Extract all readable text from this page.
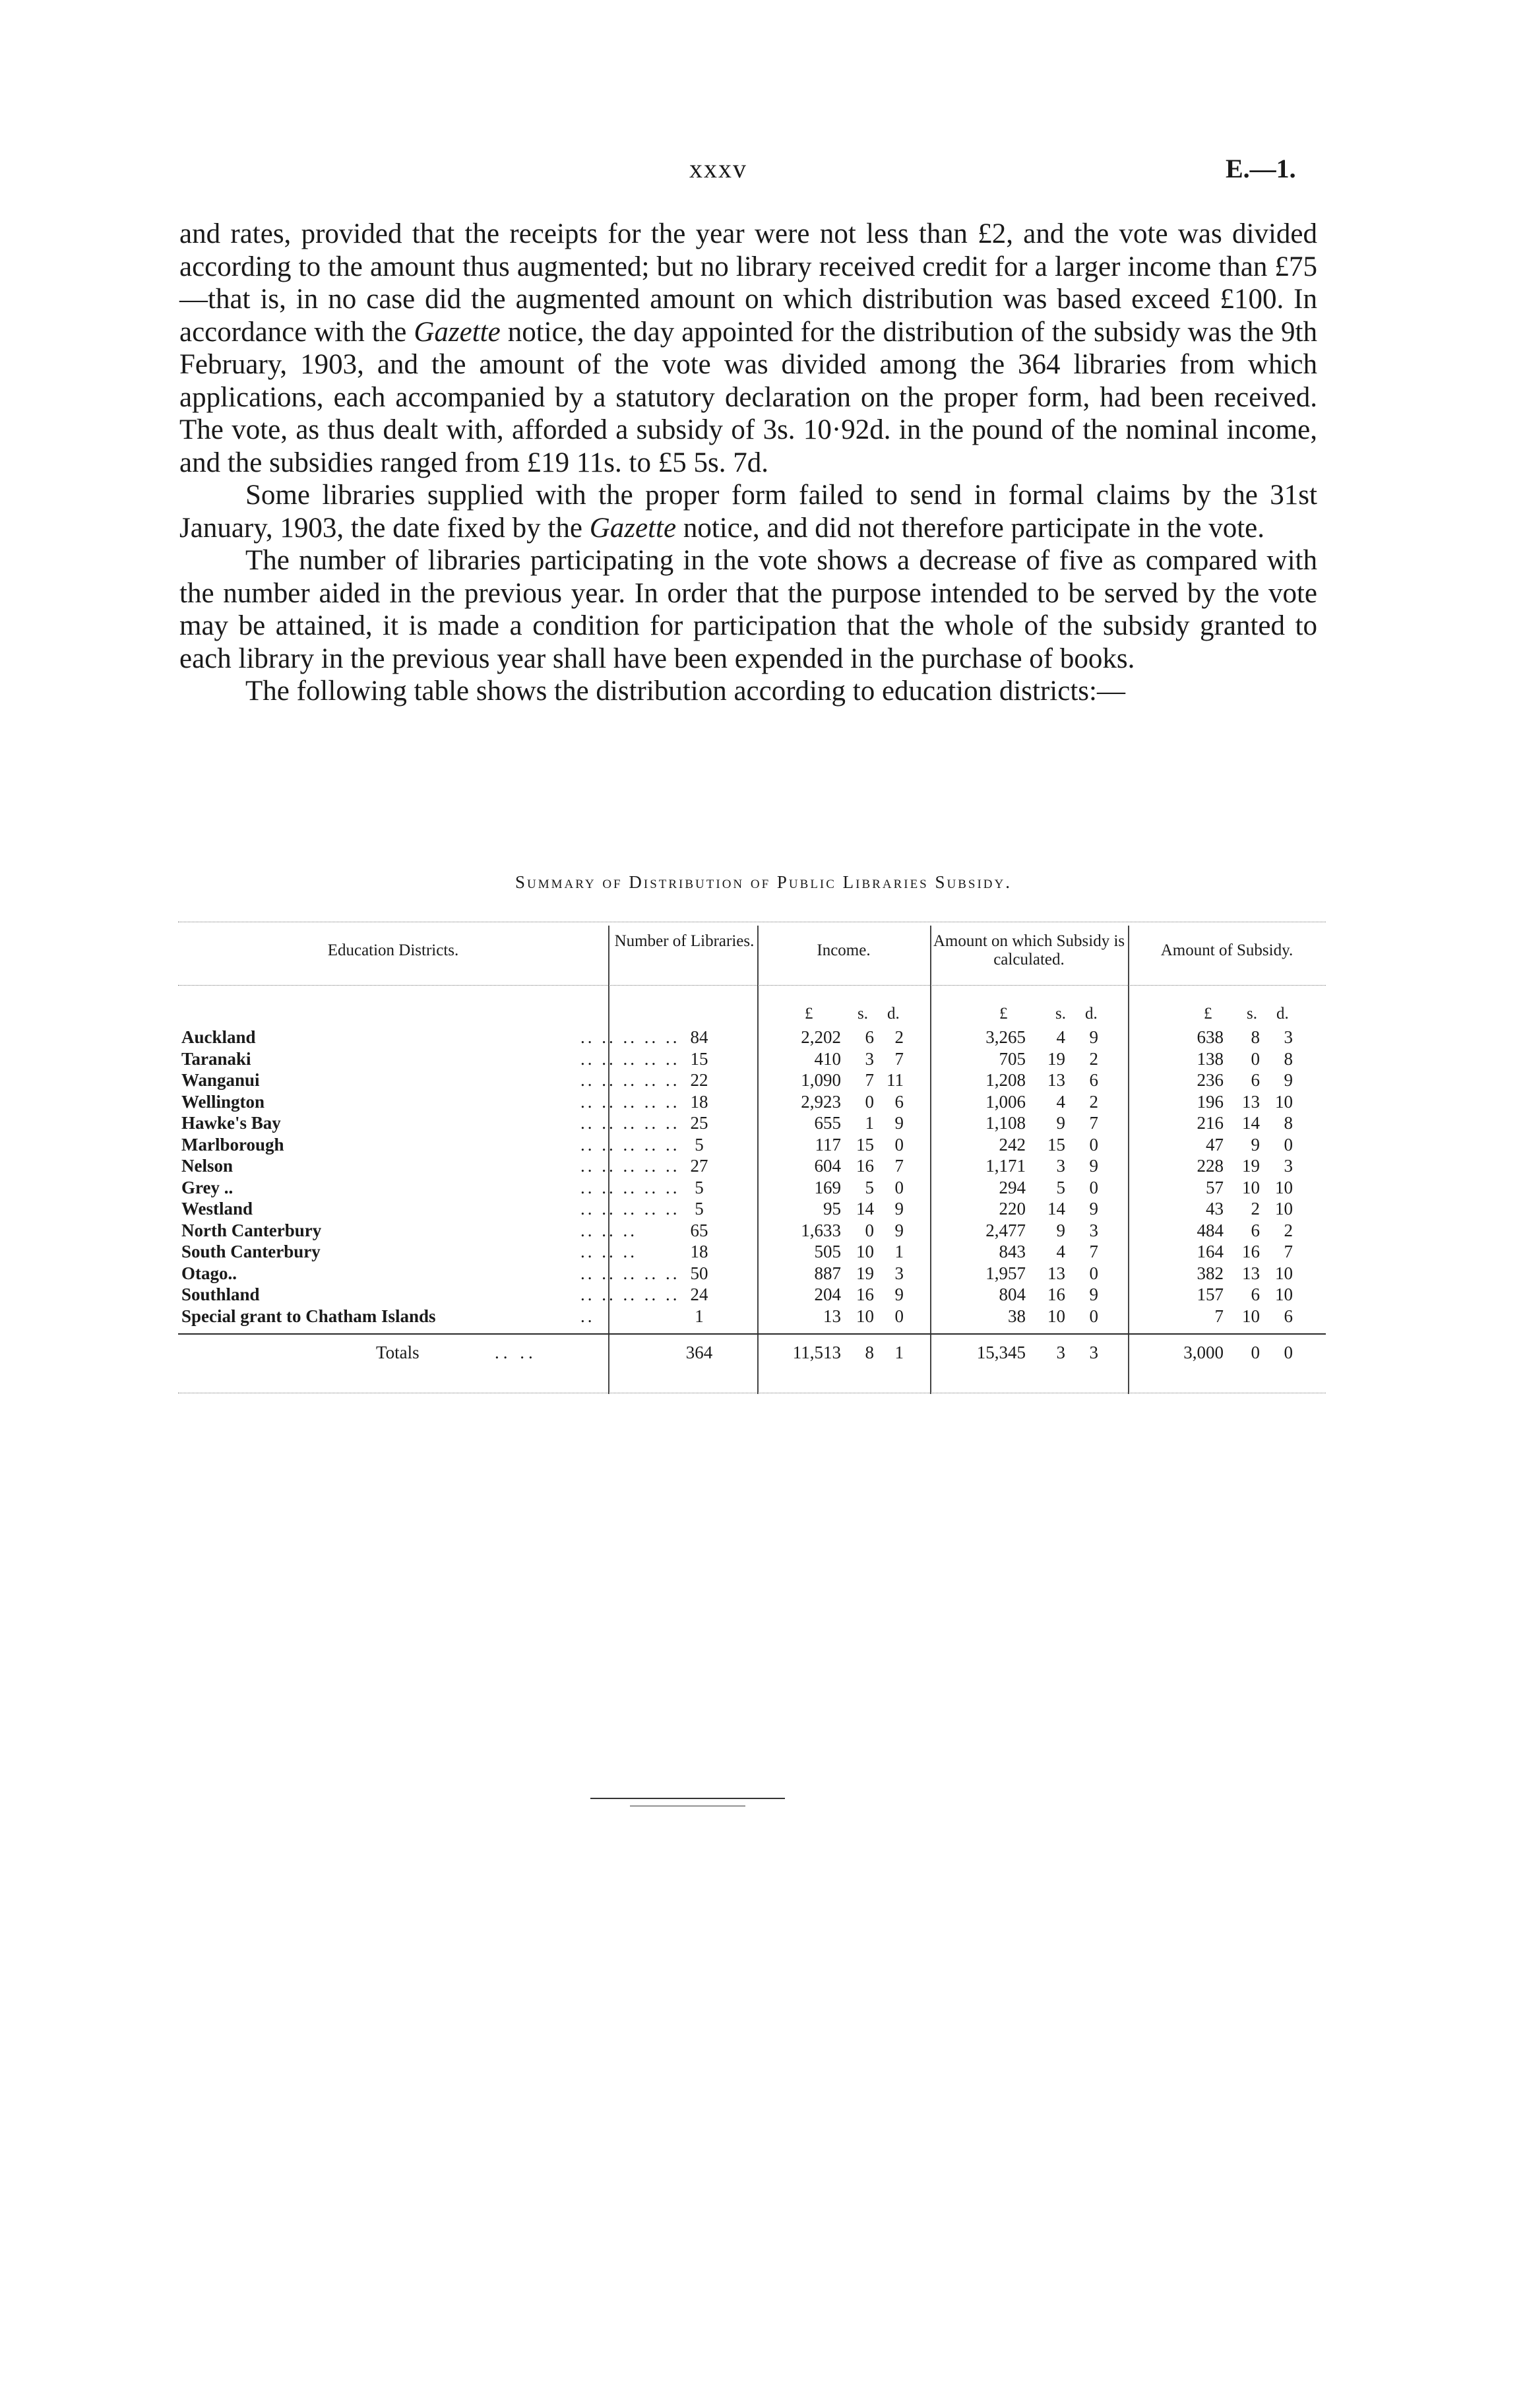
xxxv	E.—1.

and rates, provided that the receipts for the year were not less than £2, and the vote was divided according to the amount thus augmented; but no library received credit for a larger income than £75—that is, in no case did the augmented amount on which distribution was based exceed £100. In accordance with the Gazette notice, the day appointed for the distribution of the subsidy was the 9th February, 1903, and the amount of the vote was divided among the 364 libraries from which applications, each accompanied by a statutory declaration on the proper form, had been received. The vote, as thus dealt with, afforded a subsidy of 3s. 10·92d. in the pound of the nominal income, and the subsidies ranged from £19 11s. to £5 5s. 7d.

Some libraries supplied with the proper form failed to send in formal claims by the 31st January, 1903, the date fixed by the Gazette notice, and did not therefore participate in the vote.

The number of libraries participating in the vote shows a decrease of five as compared with the number aided in the previous year. In order that the purpose intended to be served by the vote may be attained, it is made a condition for participation that the whole of the subsidy granted to each library in the previous year shall have been expended in the purchase of books.

The following table shows the distribution according to education districts:—

Summary of Distribution of Public Libraries Subsidy.
Education Districts.
Number of Libraries.
Income.
Amount on which Subsidy is calculated.
Amount of Subsidy.
£	s. d.	£	s. d.	£ s. d.
Auckland	.. .. .. .. .. 84	2,202	6	2	3,265	4	9	638	8	3
Taranaki	.. .. .. .. .. 15	410	3	7	705	19	2	138	0	8
Wanganui	.. .. .. .. .. 22	1,090	7 11	1,208	13	6	236	6	9
Wellington	.. .. .. .. .. 18	2,923	0	6	1,006	4	2	196	13 10
Hawke's Bay	.. .. .. .. .. 25	655	1	9	1,108	9	7	216	14	8
Marlborough	.. .. .. .. .. 5	117 15	0	242	15	0	47	9	0
Nelson	.. .. .. .. .. 27	604 16	7	1,171	3	9	228	19	3
Grey ..	.. .. .. .. .. 5	169	5	0	294	5	0	57	10 10
Westland	.. .. .. .. .. 5	95 14	9	220	14	9	43	2 10
North Canterbury	.. .. ..	65	1,633	0	9	2,477	9	3	484	6	2
South Canterbury	.. .. ..	18	505 10	1	843	4	7	164	16	7
Otago..	.. .. .. .. .. 50	887 19	3	1,957	13	0	382	13 10
Southland	.. .. .. .. .. 24	204 16	9	804	16	9	157	6 10
Special grant to Chatham Islands	..	1	13 10	0	38	10	0	7	10	6
Totals	.. ..	364	11,513	8	1	15,345	3	3	3,000	0	0
